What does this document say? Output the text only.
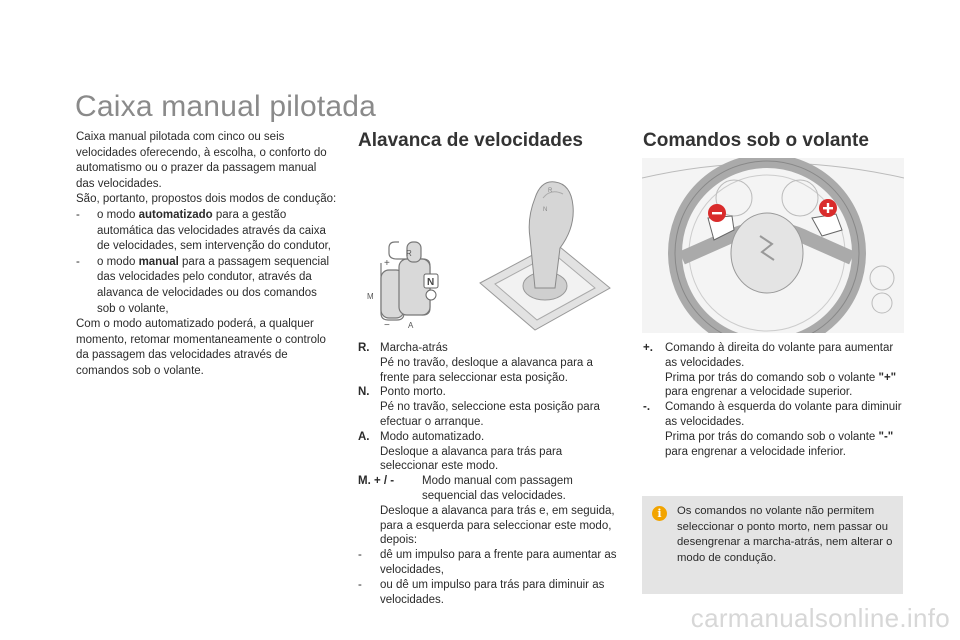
Caixa manual pilotada

Caixa manual pilotada com cinco ou seis velocidades oferecendo, à escolha, o conforto do automatismo ou o prazer da passagem manual das velocidades.

São, portanto, propostos dois modos de condução:

-	o modo automatizado para a gestão automática das velocidades através da caixa de velocidades, sem intervenção do condutor,
-	o modo manual para a passagem sequencial das velocidades pelo condutor, através da alavanca de velocidades ou dos comandos sob o volante,

Com o modo automatizado poderá, a qualquer momento, retomar momentaneamente o controlo da passagem das velocidades através de comandos sob o volante.

Alavanca de velocidades	Comandos sob o volante
R
A
M
+
−
N
R
N
R. Marcha-atrás
Pé no travão, desloque a alavanca para a frente para seleccionar esta posição.
N. Ponto morto.
Pé no travão, seleccione esta posição para efectuar o arranque.
A. Modo automatizado.
Desloque a alavanca para trás para seleccionar este modo.
M. + / -	Modo manual com passagem sequencial das velocidades.
Desloque a alavanca para trás e, em seguida, para a esquerda para seleccionar este modo, depois:
-	dê um impulso para a frente para aumentar as velocidades,
-	ou dê um impulso para trás para diminuir as velocidades.
+.	Comando à direita do volante para aumentar as velocidades.
Prima por trás do comando sob o volante "+" para engrenar a velocidade superior.
-.	Comando à esquerda do volante para diminuir as velocidades.
Prima por trás do comando sob o volante "-" para engrenar a velocidade inferior.
i	Os comandos no volante não permitem seleccionar o ponto morto, nem passar ou desengrenar a marcha-atrás, nem alterar o modo de condução.
carmanualsonline.info
